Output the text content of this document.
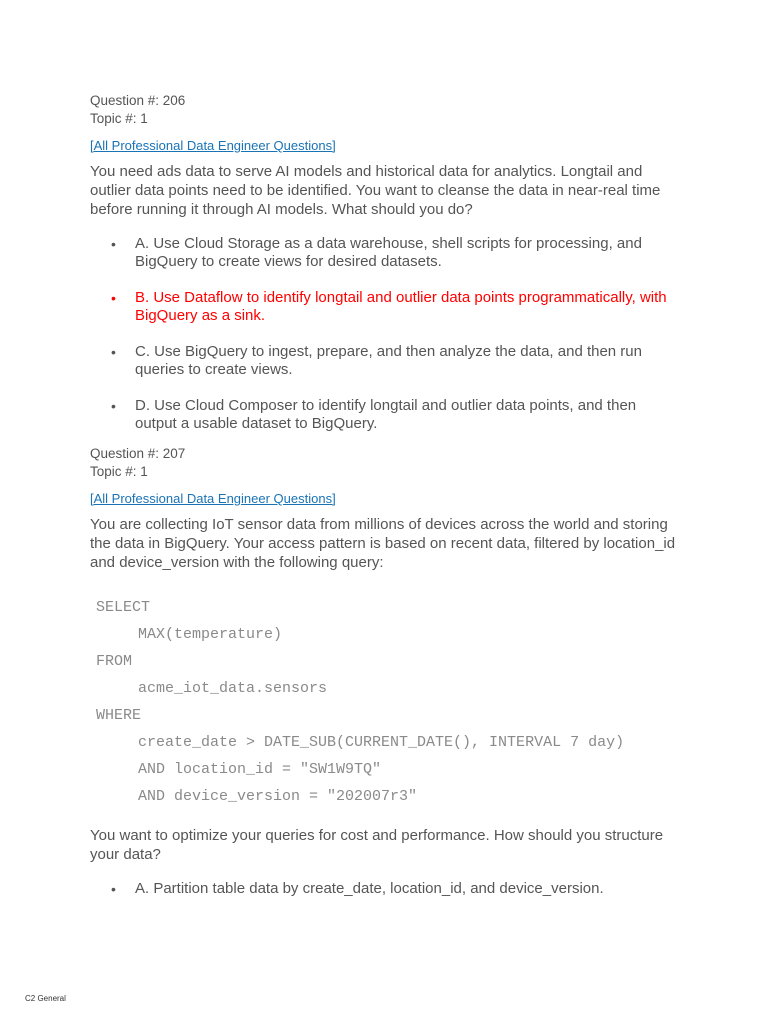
Question #: 206
Topic #: 1
[All Professional Data Engineer Questions]
You need ads data to serve AI models and historical data for analytics. Longtail and outlier data points need to be identified. You want to cleanse the data in near-real time before running it through AI models. What should you do?
• A. Use Cloud Storage as a data warehouse, shell scripts for processing, and BigQuery to create views for desired datasets.
• B. Use Dataflow to identify longtail and outlier data points programmatically, with BigQuery as a sink.
• C. Use BigQuery to ingest, prepare, and then analyze the data, and then run queries to create views.
• D. Use Cloud Composer to identify longtail and outlier data points, and then output a usable dataset to BigQuery.
Question #: 207
Topic #: 1
[All Professional Data Engineer Questions]
You are collecting IoT sensor data from millions of devices across the world and storing the data in BigQuery. Your access pattern is based on recent data, filtered by location_id and device_version with the following query:
SELECT
MAX(temperature)
FROM
acme_iot_data.sensors
WHERE
create_date > DATE_SUB(CURRENT_DATE(), INTERVAL 7 day)
AND location_id = "SW1W9TQ"
AND device_version = "202007r3"
You want to optimize your queries for cost and performance. How should you structure your data?
• A. Partition table data by create_date, location_id, and device_version.
C2 General
